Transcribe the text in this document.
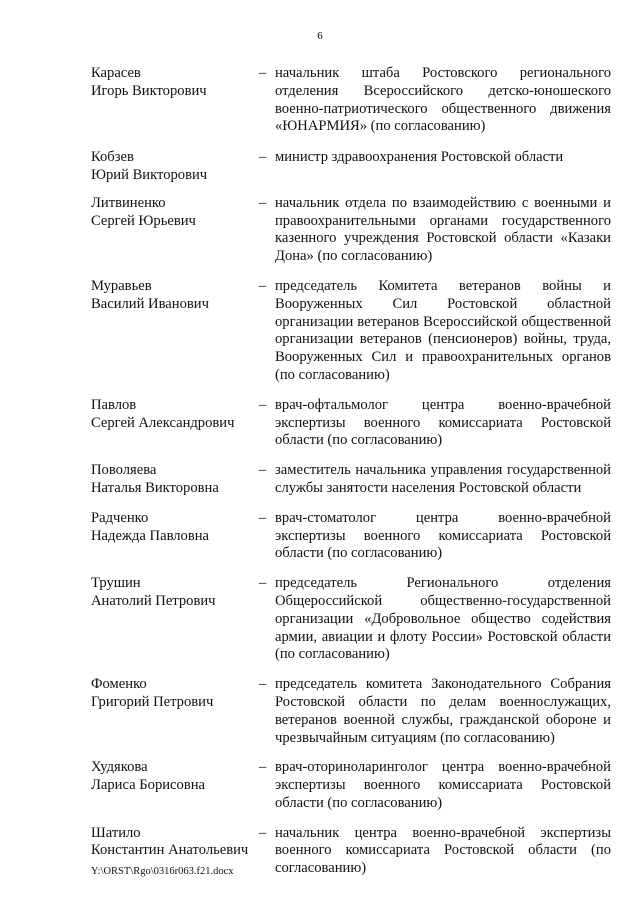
6
Карасев
Игорь Викторович
– начальник штаба Ростовского регионального отделения Всероссийского детско-юношеского военно-патриотического общественного движения «ЮНАРМИЯ» (по согласованию)
Кобзев
Юрий Викторович
– министр здравоохранения Ростовской области
Литвиненко
Сергей Юрьевич
– начальник отдела по взаимодействию с военными и правоохранительными органами государственного казенного учреждения Ростовской области «Казаки Дона» (по согласованию)
Муравьев
Василий Иванович
– председатель Комитета ветеранов войны и Вооруженных Сил Ростовской областной организации ветеранов Всероссийской общественной организации ветеранов (пенсионеров) войны, труда, Вооруженных Сил и правоохранительных органов (по согласованию)
Павлов
Сергей Александрович
– врач-офтальмолог центра военно-врачебной экспертизы военного комиссариата Ростовской области (по согласованию)
Поволяева
Наталья Викторовна
– заместитель начальника управления государственной службы занятости населения Ростовской области
Радченко
Надежда Павловна
– врач-стоматолог центра военно-врачебной экспертизы военного комиссариата Ростовской области (по согласованию)
Трушин
Анатолий Петрович
– председатель Регионального отделения Общероссийской общественно-государственной организации «Добровольное общество содействия армии, авиации и флоту России» Ростовской области (по согласованию)
Фоменко
Григорий Петрович
– председатель комитета Законодательного Собрания Ростовской области по делам военнослужащих, ветеранов военной службы, гражданской обороне и чрезвычайным ситуациям (по согласованию)
Худякова
Лариса Борисовна
– врач-оториноларинголог центра военно-врачебной экспертизы военного комиссариата Ростовской области (по согласованию)
Шатило
Константин Анатольевич
– начальник центра военно-врачебной экспертизы военного комиссариата Ростовской области (по согласованию)
Y:\ORST\Rgo\0316r063.f21.docx
